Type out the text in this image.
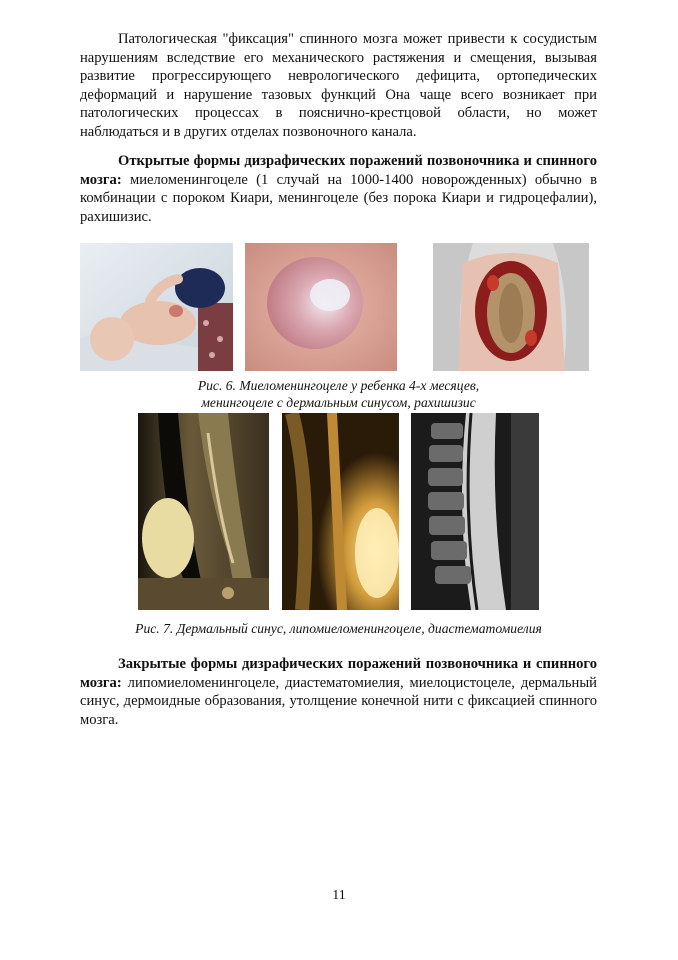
Патологическая "фиксация" спинного мозга может привести к сосудистым нарушениям вследствие его механического растяжения и смещения, вызывая развитие прогрессирующего неврологического дефицита, ортопедических деформаций и нарушение тазовых функций Она чаще всего возникает при патологических процессах в пояснично-крестцовой области, но может наблюдаться и в других отделах позвоночного канала.

Открытые формы дизрафических поражений позвоночника и спинного мозга: миеломенингоцеле (1 случай на 1000-1400 новорожденных) обычно в комбинации с пороком Киари, менингоцеле (без порока Киари и гидроцефалии), рахишизис.

Рис. 6. Миеломенингоцеле у ребенка 4-х месяцев,
менингоцеле с дермальным синусом, рахишизис
Рис. 7. Дермальный синус, липомиеломенингоцеле, диастематомиелия

Закрытые формы дизрафических поражений позвоночника и спинного мозга: липомиеломенингоцеле, диастематомиелия, миелоцистоцеле, дермальный синус, дермоидные образования, утолщение конечной нити с фиксацией спинного мозга.

11
